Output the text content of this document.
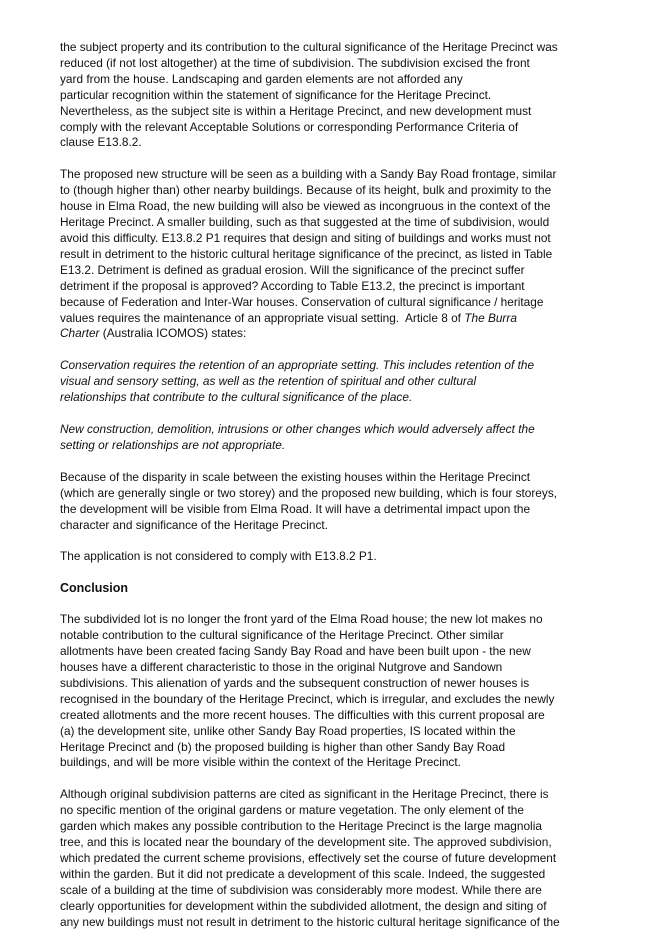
the subject property and its contribution to the cultural significance of the Heritage Precinct was
reduced (if not lost altogether) at the time of subdivision. The subdivision excised the front
yard from the house. Landscaping and garden elements are not afforded any
particular recognition within the statement of significance for the Heritage Precinct.
Nevertheless, as the subject site is within a Heritage Precinct, and new development must
comply with the relevant Acceptable Solutions or corresponding Performance Criteria of
clause E13.8.2.
The proposed new structure will be seen as a building with a Sandy Bay Road frontage, similar
to (though higher than) other nearby buildings. Because of its height, bulk and proximity to the
house in Elma Road, the new building will also be viewed as incongruous in the context of the
Heritage Precinct. A smaller building, such as that suggested at the time of subdivision, would
avoid this difficulty. E13.8.2 P1 requires that design and siting of buildings and works must not
result in detriment to the historic cultural heritage significance of the precinct, as listed in Table
E13.2. Detriment is defined as gradual erosion. Will the significance of the precinct suffer
detriment if the proposal is approved? According to Table E13.2, the precinct is important
because of Federation and Inter-War houses. Conservation of cultural significance / heritage
values requires the maintenance of an appropriate visual setting.  Article 8 of The Burra
Charter (Australia ICOMOS) states:
Conservation requires the retention of an appropriate setting. This includes retention of the
visual and sensory setting, as well as the retention of spiritual and other cultural
relationships that contribute to the cultural significance of the place.
New construction, demolition, intrusions or other changes which would adversely affect the
setting or relationships are not appropriate.
Because of the disparity in scale between the existing houses within the Heritage Precinct
(which are generally single or two storey) and the proposed new building, which is four storeys,
the development will be visible from Elma Road. It will have a detrimental impact upon the
character and significance of the Heritage Precinct.
The application is not considered to comply with E13.8.2 P1.
Conclusion
The subdivided lot is no longer the front yard of the Elma Road house; the new lot makes no
notable contribution to the cultural significance of the Heritage Precinct. Other similar
allotments have been created facing Sandy Bay Road and have been built upon - the new
houses have a different characteristic to those in the original Nutgrove and Sandown
subdivisions. This alienation of yards and the subsequent construction of newer houses is
recognised in the boundary of the Heritage Precinct, which is irregular, and excludes the newly
created allotments and the more recent houses. The difficulties with this current proposal are
(a) the development site, unlike other Sandy Bay Road properties, IS located within the
Heritage Precinct and (b) the proposed building is higher than other Sandy Bay Road
buildings, and will be more visible within the context of the Heritage Precinct.
Although original subdivision patterns are cited as significant in the Heritage Precinct, there is
no specific mention of the original gardens or mature vegetation. The only element of the
garden which makes any possible contribution to the Heritage Precinct is the large magnolia
tree, and this is located near the boundary of the development site. The approved subdivision,
which predated the current scheme provisions, effectively set the course of future development
within the garden. But it did not predicate a development of this scale. Indeed, the suggested
scale of a building at the time of subdivision was considerably more modest. While there are
clearly opportunities for development within the subdivided allotment, the design and siting of
any new buildings must not result in detriment to the historic cultural heritage significance of the
